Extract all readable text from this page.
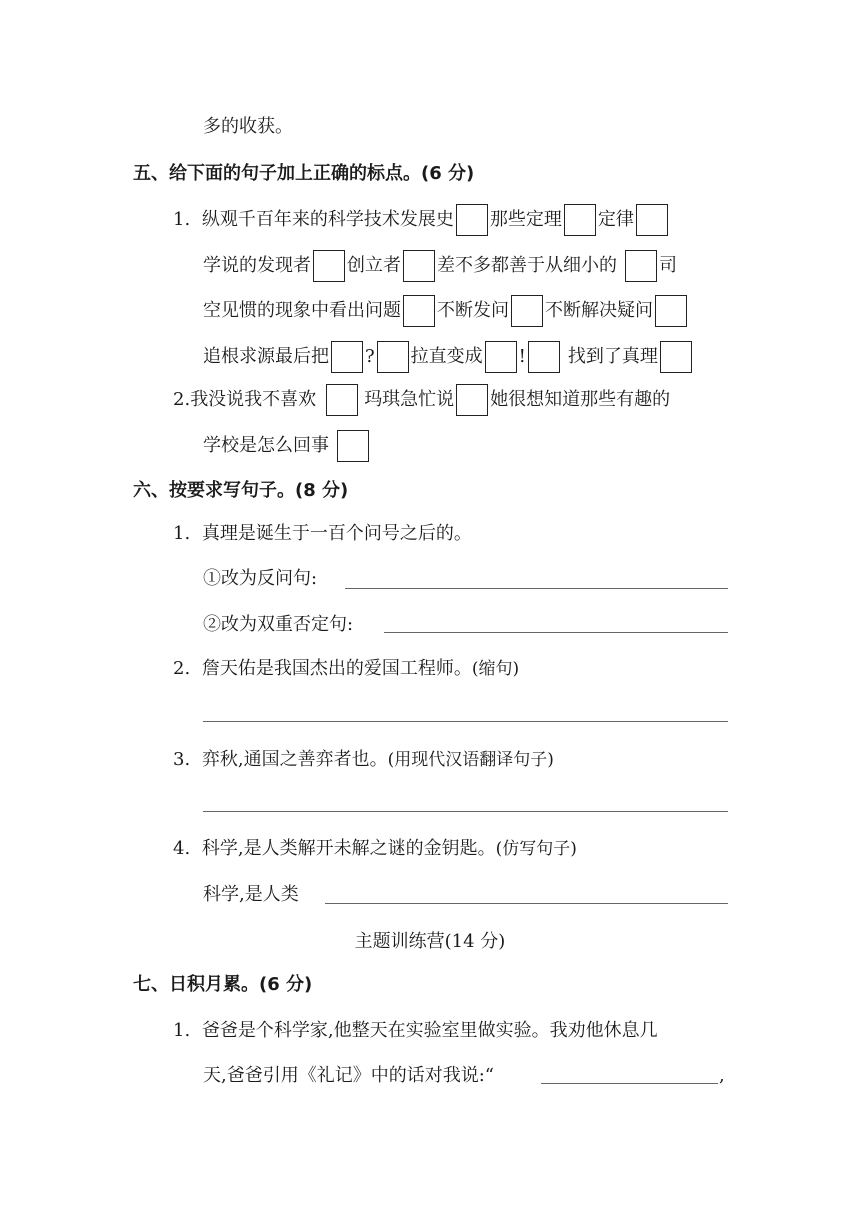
多的收获。
五、给下面的句子加上正确的标点。(6 分)
1. 纵观千百年来的科学技术发展史 那些定理 定律
学说的发现者 创立者 差不多都善于从细小的 司
空见惯的现象中看出问题 不断发问 不断解决疑问
追根求源最后把 ? 拉直变成 ! 找到了真理
2.我没说我不喜欢	玛琪急忙说 她很想知道那些有趣的
学校是怎么回事
六、按要求写句子。(8 分)
1. 真理是诞生于一百个问号之后的。
①改为反问句:
②改为双重否定句:
2. 詹天佑是我国杰出的爱国工程师。(缩句)
3. 弈秋,通国之善弈者也。(用现代汉语翻译句子)
4. 科学,是人类解开未解之谜的金钥匙。(仿写句子)
科学,是人类
主题训练营(14 分)
七、日积月累。(6 分)
1. 爸爸是个科学家,他整天在实验室里做实验。我劝他休息几
天,爸爸引用《礼记》中的话对我说:“	,
